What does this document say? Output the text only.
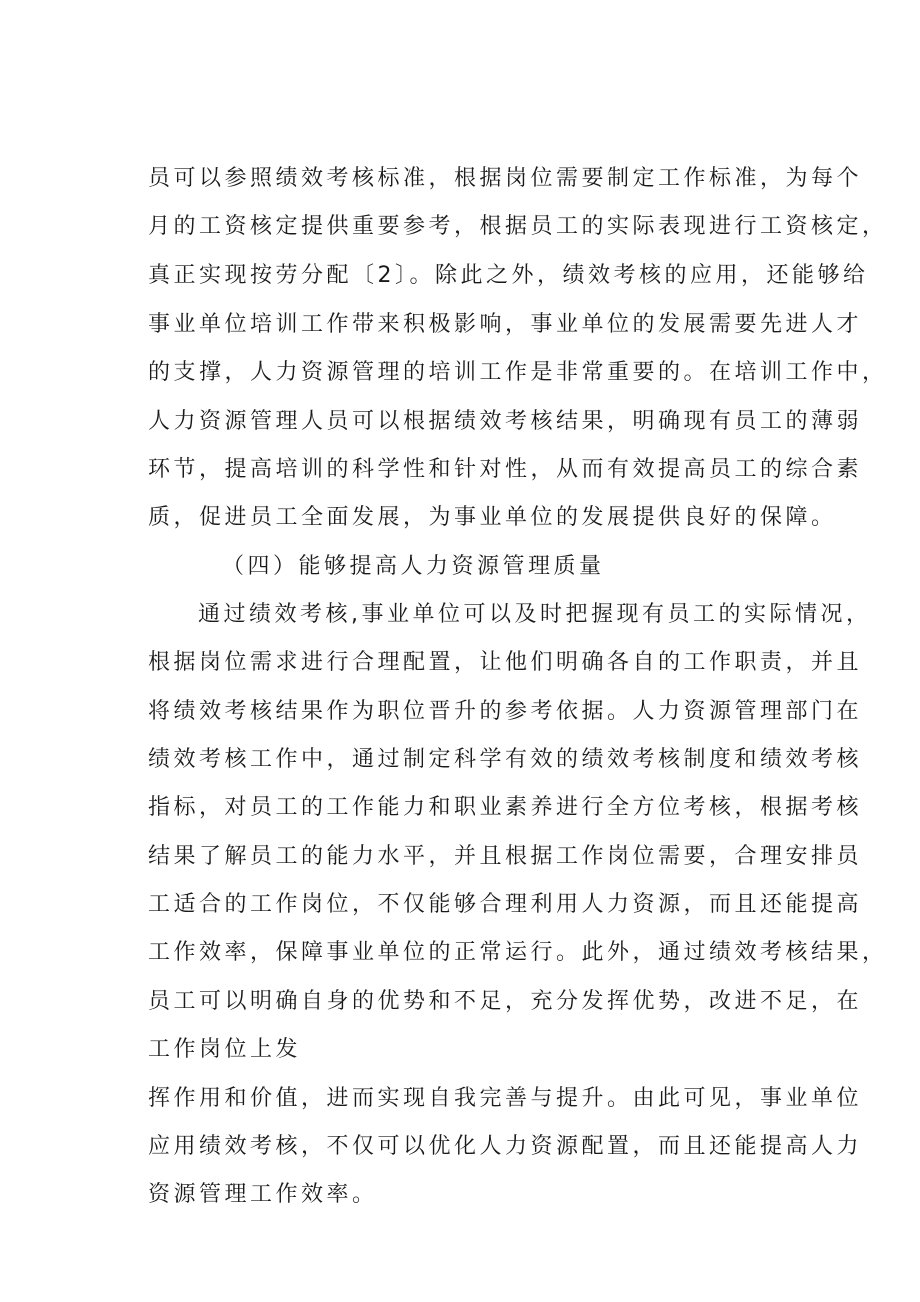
员可以参照绩效考核标准，根据岗位需要制定工作标准，为每个
月的工资核定提供重要参考，根据员工的实际表现进行工资核定，
真正实现按劳分配〔2〕。除此之外，绩效考核的应用，还能够给
事业单位培训工作带来积极影响，事业单位的发展需要先进人才
的支撑，人力资源管理的培训工作是非常重要的。在培训工作中，
人力资源管理人员可以根据绩效考核结果，明确现有员工的薄弱
环节，提高培训的科学性和针对性，从而有效提高员工的综合素
质，促进员工全面发展，为事业单位的发展提供良好的保障。
（四）能够提高人力资源管理质量
通过绩效考核,事业单位可以及时把握现有员工的实际情况，
根据岗位需求进行合理配置，让他们明确各自的工作职责，并且
将绩效考核结果作为职位晋升的参考依据。人力资源管理部门在
绩效考核工作中，通过制定科学有效的绩效考核制度和绩效考核
指标，对员工的工作能力和职业素养进行全方位考核，根据考核
结果了解员工的能力水平，并且根据工作岗位需要，合理安排员
工适合的工作岗位，不仅能够合理利用人力资源，而且还能提高
工作效率，保障事业单位的正常运行。此外，通过绩效考核结果，
员工可以明确自身的优势和不足，充分发挥优势，改进不足，在
工作岗位上发
挥作用和价值，进而实现自我完善与提升。由此可见，事业单位
应用绩效考核，不仅可以优化人力资源配置，而且还能提高人力
资源管理工作效率。
